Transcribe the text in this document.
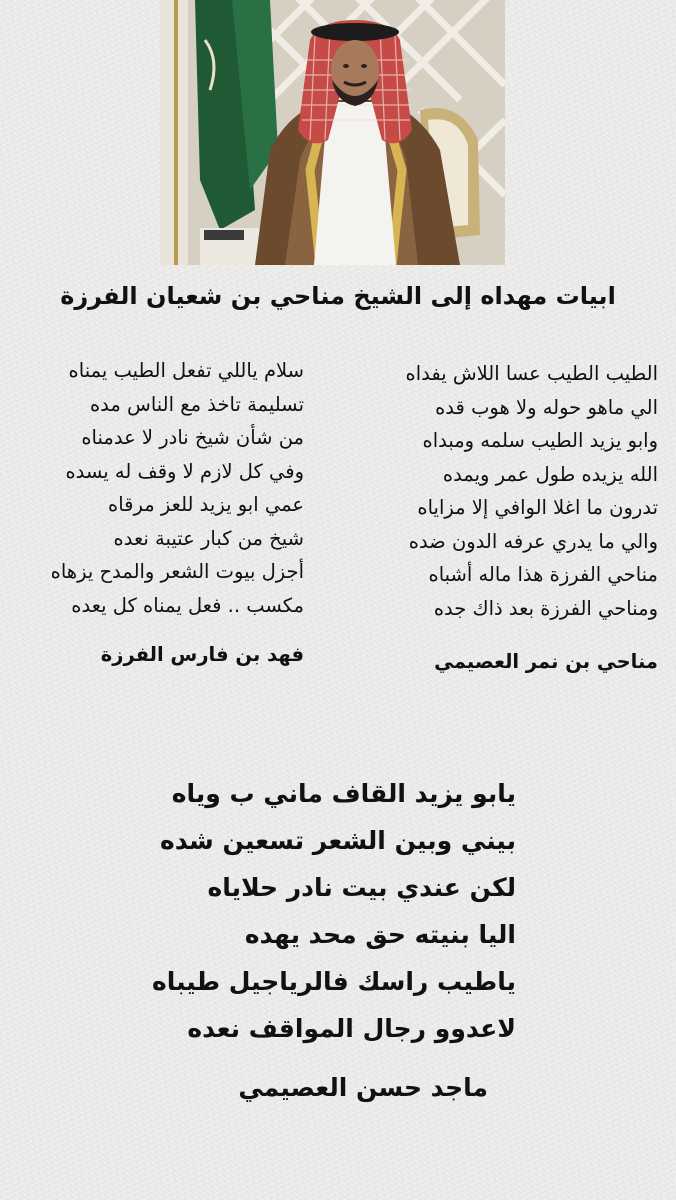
ابيات مهداه إلى الشيخ مناحي بن شعيان الفرزة
الطيب الطيب عسا اللاش يفداه
الي ماهو حوله ولا هوب قده
وابو يزيد الطيب سلمه ومبداه
الله يزيده طول عمر ويمده
تدرون ما اغلا الوافي إلا مزاياه
والي ما يدري عرفه الدون ضده
مناحي الفرزة هذا ماله أشباه
ومناحي الفرزة بعد ذاك جده
مناحي بن نمر العصيمي
سلام ياللي تفعل الطيب يمناه
تسليمة تاخذ مع الناس مده
من شأن شيخ نادر لا عدمناه
وفي كل لازم لا وقف له يسده
عمي ابو يزيد للعز مرقاه
شيخ من كبار عتيبة نعده
أجزل بيوت الشعر والمدح يزهاه
مكسب .. فعل يمناه كل يعده
فهد بن فارس الفرزة
يابو يزيد القاف ماني ب وياه
بيني وبين الشعر تسعين شده
لكن عندي بيت نادر حلاياه
اليا بنيته حق محد يهده
ياطيب راسك فالرياجيل طيباه
لاعدوو رجال المواقف نعده
ماجد حسن العصيمي
